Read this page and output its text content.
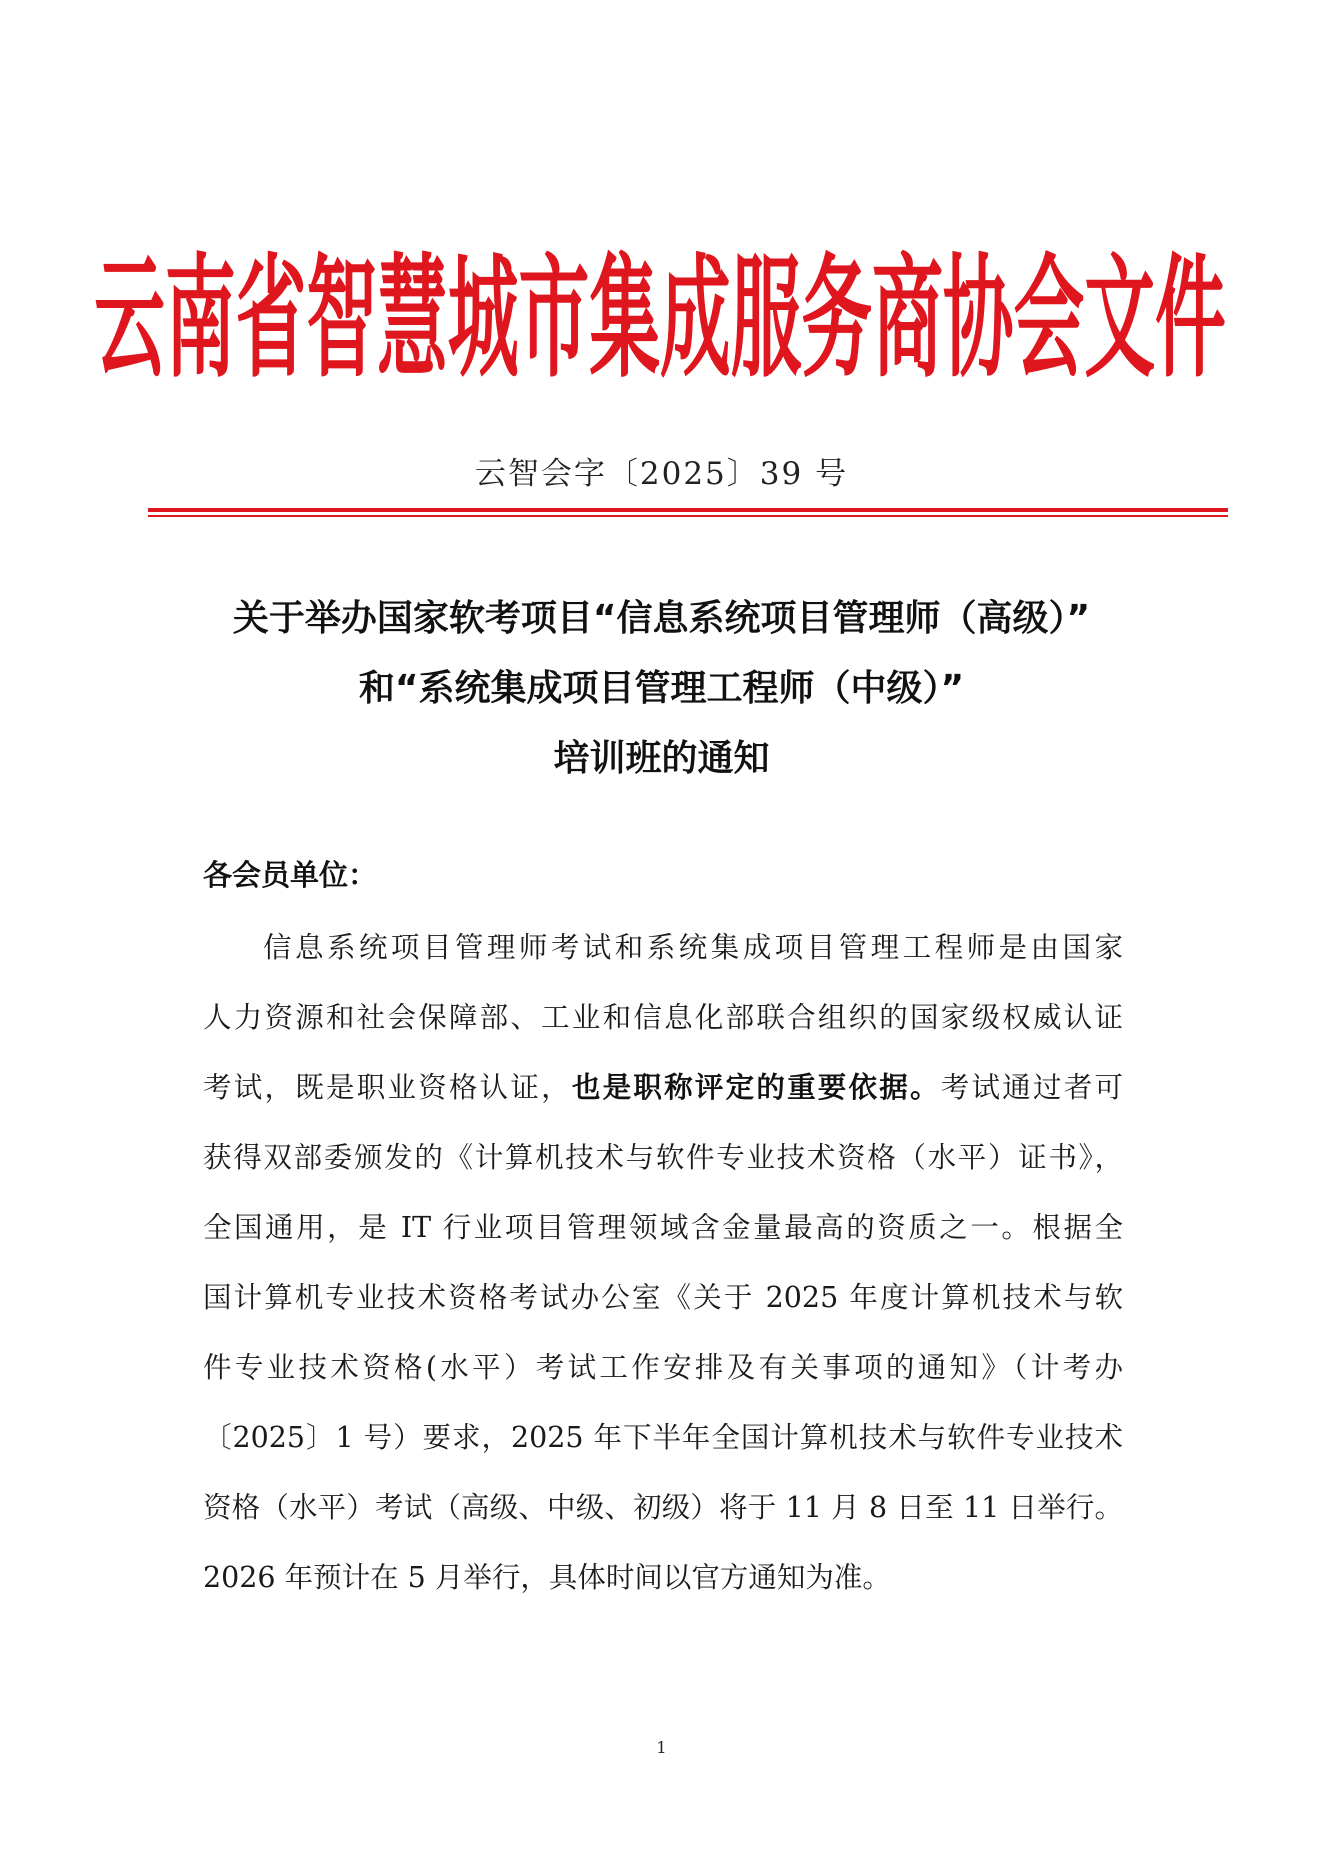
云南省智慧城市集成服务商协会文件
云智会字〔2025〕39 号
关于举办国家软考项目“信息系统项目管理师（高级）”
和“系统集成项目管理工程师（中级）”
培训班的通知
各会员单位：
信息系统项目管理师考试和系统集成项目管理工程师是由国家
人力资源和社会保障部、工业和信息化部联合组织的国家级权威认证
考试，既是职业资格认证，也是职称评定的重要依据。考试通过者可
获得双部委颁发的《计算机技术与软件专业技术资格（水平）证书》，
全国通用，是 IT 行业项目管理领域含金量最高的资质之一。根据全
国计算机专业技术资格考试办公室《关于 2025 年度计算机技术与软
件专业技术资格(水平）考试工作安排及有关事项的通知》（计考办
〔2025〕1 号）要求，2025 年下半年全国计算机技术与软件专业技术
资格（水平）考试（高级、中级、初级）将于 11 月 8 日至 11 日举行。
2026 年预计在 5 月举行，具体时间以官方通知为准。
1
